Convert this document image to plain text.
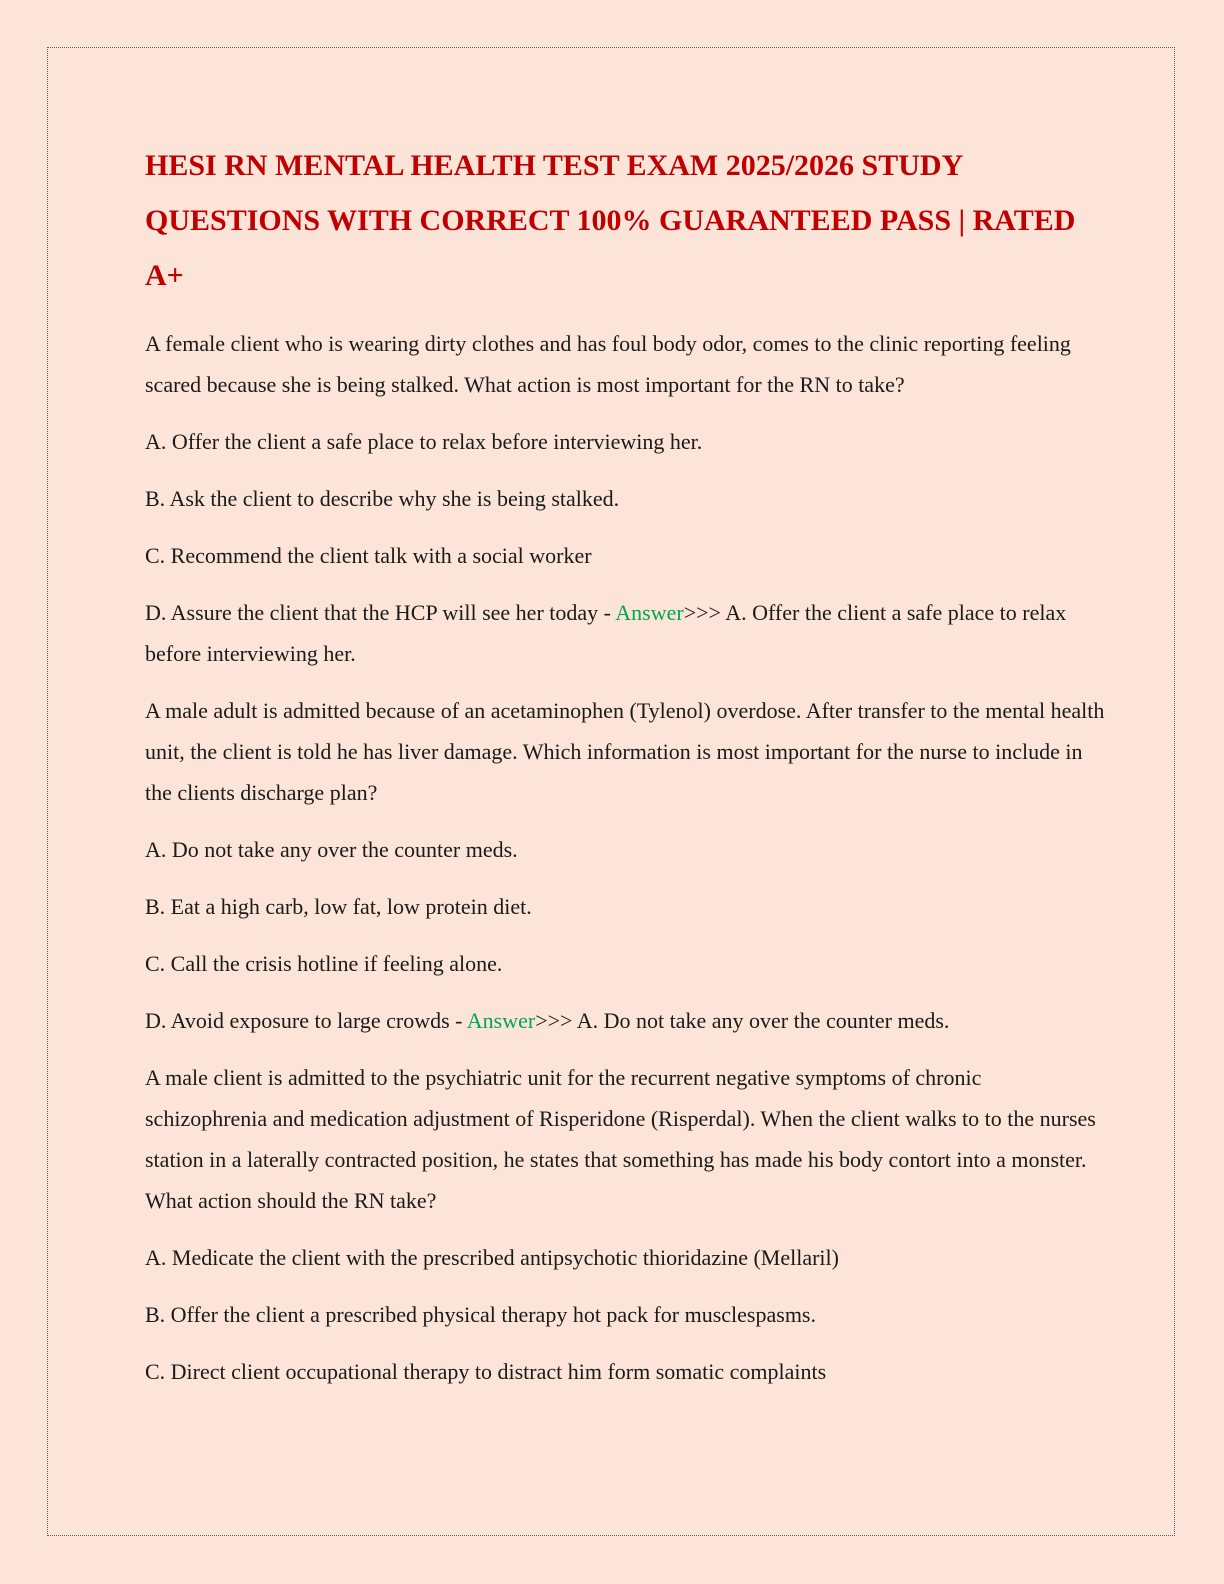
HESI RN MENTAL HEALTH TEST EXAM 2025/2026 STUDY QUESTIONS WITH CORRECT 100% GUARANTEED PASS | RATED A+

A female client who is wearing dirty clothes and has foul body odor, comes to the clinic reporting feeling scared because she is being stalked. What action is most important for the RN to take?

A. Offer the client a safe place to relax before interviewing her.

B. Ask the client to describe why she is being stalked.

C. Recommend the client talk with a social worker

D. Assure the client that the HCP will see her today - Answer>>> A. Offer the client a safe place to relax before interviewing her.

A male adult is admitted because of an acetaminophen (Tylenol) overdose. After transfer to the mental health unit, the client is told he has liver damage. Which information is most important for the nurse to include in the clients discharge plan?

A. Do not take any over the counter meds.

B. Eat a high carb, low fat, low protein diet.

C. Call the crisis hotline if feeling alone.

D. Avoid exposure to large crowds - Answer>>> A. Do not take any over the counter meds.

A male client is admitted to the psychiatric unit for the recurrent negative symptoms of chronic schizophrenia and medication adjustment of Risperidone (Risperdal). When the client walks to to the nurses station in a laterally contracted position, he states that something has made his body contort into a monster. What action should the RN take?

A. Medicate the client with the prescribed antipsychotic thioridazine (Mellaril)

B. Offer the client a prescribed physical therapy hot pack for musclespasms.

C. Direct client occupational therapy to distract him form somatic complaints
